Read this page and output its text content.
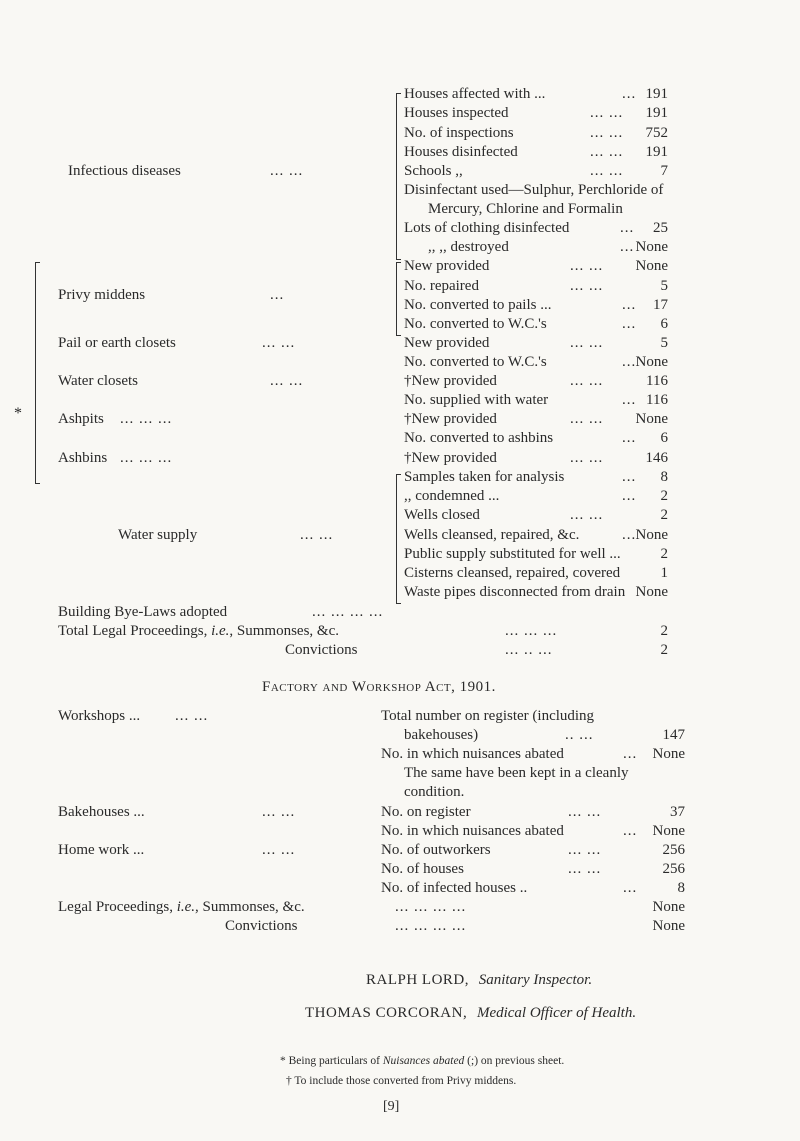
Infectious diseases	... ...
Houses affected with ...	... 191
Houses inspected	... ... 191
No. of inspections	... ... 752
Houses disinfected	... ... 191
Schools ,,	... ... 7
Disinfectant used—Sulphur, Perchloride of
Mercury, Chlorine and Formalin
Lots of clothing disinfected	... 25
,, ,, destroyed	... None
*
Privy middens	...
New provided	... ... None
No. repaired	... ...	5
No. converted to pails ...	... 17
No. converted to W.C.'s	... 6
Pail or earth closets	... ...	New provided	... ...	5
No. converted to W.C.'s	... None
Water closets	... ...	†New provided	... ...	116
No. supplied with water	... 116
Ashpits ... ... ...	†New provided	... ... None
No. converted to ashbins	... 6
Ashbins ... ... ...	†New provided	... ...	146
Water supply	... ...
Samples taken for analysis	... 8
,, condemned ...	... 2
Wells closed	... ...	2
Wells cleansed, repaired, &c.	... None
Public supply substituted for well ...	2
Cisterns cleansed, repaired, covered	1
Waste pipes disconnected from drain None
Building Bye-Laws adopted	... ... ... ...
Total Legal Proceedings, i.e., Summonses, &c.	... ... ...	2
Convictions	... .. ...	2
Factory and Workshop Act, 1901.
Workshops ... ... ...	Total number on register (including
bakehouses)	.. ...	147
No. in which nuisances abated	... None
The same have been kept in a cleanly
condition.
Bakehouses ...	... ...	No. on register	... ...	37
No. in which nuisances abated	... None
Home work ...	... ...	No. of outworkers	... ...	256
No. of houses	... ...	256
No. of infected houses ..	...	8
Legal Proceedings, i.e., Summonses, &c.	... ... ... ...	None
Convictions	... ... ... ...	None
RALPH LORD, Sanitary Inspector.
THOMAS CORCORAN, Medical Officer of Health.
* Being particulars of Nuisances abated (;) on previous sheet.
† To include those converted from Privy middens.
[9]
